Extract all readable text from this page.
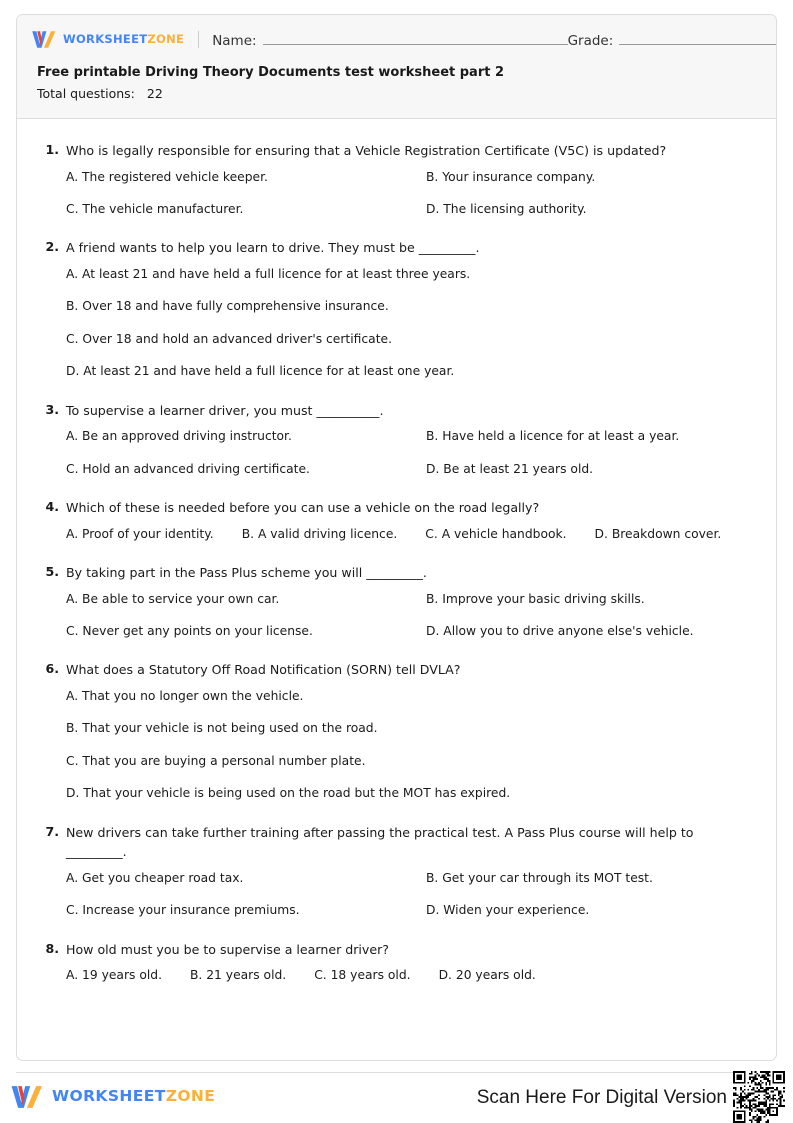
WORKSHEETZONE Name:	Grade:
Free printable Driving Theory Documents test worksheet part 2
Total questions: 22
1. Who is legally responsible for ensuring that a Vehicle Registration Certificate (V5C) is updated?
A. The registered vehicle keeper.	B. Your insurance company.
C. The vehicle manufacturer.	D. The licensing authority.
2. A friend wants to help you learn to drive. They must be _________.
A. At least 21 and have held a full licence for at least three years.
B. Over 18 and have fully comprehensive insurance.
C. Over 18 and hold an advanced driver's certificate.
D. At least 21 and have held a full licence for at least one year.
3. To supervise a learner driver, you must __________.
A. Be an approved driving instructor.	B. Have held a licence for at least a year.
C. Hold an advanced driving certificate.	D. Be at least 21 years old.
4. Which of these is needed before you can use a vehicle on the road legally?
A. Proof of your identity. B. A valid driving licence. C. A vehicle handbook. D. Breakdown cover.
5. By taking part in the Pass Plus scheme you will _________.
A. Be able to service your own car.	B. Improve your basic driving skills.
C. Never get any points on your license.	D. Allow you to drive anyone else's vehicle.
6. What does a Statutory Off Road Notification (SORN) tell DVLA?
A. That you no longer own the vehicle.
B. That your vehicle is not being used on the road.
C. That you are buying a personal number plate.
D. That your vehicle is being used on the road but the MOT has expired.
7. New drivers can take further training after passing the practical test. A Pass Plus course will help to _________.
A. Get you cheaper road tax.	B. Get your car through its MOT test.
C. Increase your insurance premiums.	D. Widen your experience.
8. How old must you be to supervise a learner driver?
A. 19 years old. B. 21 years old. C. 18 years old. D. 20 years old.
WORKSHEETZONE	Scan Here For Digital Version
